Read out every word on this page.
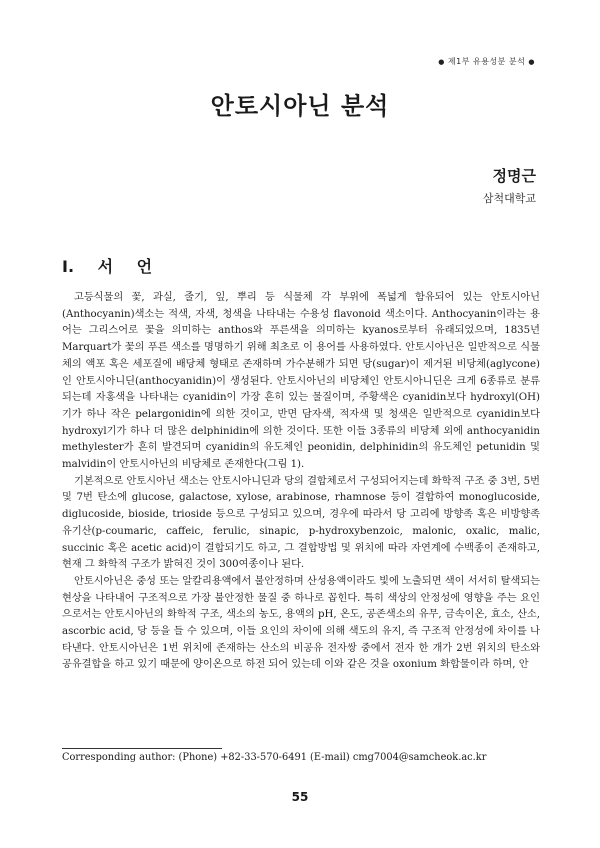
● 제1부 유용성분 분석 ●
안토시아닌 분석
정명근
삼척대학교
I. 서 언

고등식물의 꽃, 과실, 줄기, 잎, 뿌리 등 식물체 각 부위에 폭넓게 함유되어 있는 안토시아닌(Anthocyanin)색소는 적색, 자색, 청색을 나타내는 수용성 flavonoid 색소이다. Anthocyanin이라는 용어는 그리스어로 꽃을 의미하는 anthos와 푸른색을 의미하는 kyanos로부터 유래되었으며, 1835년 Marquart가 꽃의 푸른 색소를 명명하기 위해 최초로 이 용어를 사용하였다. 안토시아닌은 일반적으로 식물체의 액포 혹은 세포질에 배당체 형태로 존재하며 가수분해가 되면 당(sugar)이 제거된 비당체(aglycone)인 안토시아니딘(anthocyanidin)이 생성된다. 안토시아닌의 비당체인 안토시아니딘은 크게 6종류로 분류되는데 자홍색을 나타내는 cyanidin이 가장 흔히 있는 물질이며, 주황색은 cyanidin보다 hydroxyl(OH)기가 하나 작은 pelargonidin에 의한 것이고, 반면 담자색, 적자색 및 청색은 일반적으로 cyanidin보다 hydroxyl기가 하나 더 많은 delphinidin에 의한 것이다. 또한 이들 3종류의 비당체 외에 anthocyanidin methylester가 흔히 발견되며 cyanidin의 유도체인 peonidin, delphinidin의 유도체인 petunidin 및 malvidin이 안토시아닌의 비당체로 존재한다(그림 1).

기본적으로 안토시아닌 색소는 안토시아니딘과 당의 결합체로서 구성되어지는데 화학적 구조 중 3번, 5번 및 7번 탄소에 glucose, galactose, xylose, arabinose, rhamnose 등이 결합하여 monoglucoside, diglucoside, bioside, trioside 등으로 구성되고 있으며, 경우에 따라서 당 고리에 방향족 혹은 비방향족 유기산(p-coumaric, caffeic, ferulic, sinapic, p-hydroxybenzoic, malonic, oxalic, malic, succinic 혹은 acetic acid)이 결합되기도 하고, 그 결합방법 및 위치에 따라 자연계에 수백종이 존재하고, 현재 그 화학적 구조가 밝혀진 것이 300여종이나 된다.

안토시아닌은 중성 또는 알칼리용액에서 불안정하며 산성용액이라도 빛에 노출되면 색이 서서히 탈색되는 현상을 나타내어 구조적으로 가장 불안정한 물질 중 하나로 꼽힌다. 특히 색상의 안정성에 영향을 주는 요인으로서는 안토시아닌의 화학적 구조, 색소의 농도, 용액의 pH, 온도, 공존색소의 유무, 금속이온, 효소, 산소, ascorbic acid, 당 등을 들 수 있으며, 이들 요인의 차이에 의해 색도의 유지, 즉 구조적 안정성에 차이를 나타낸다. 안토시아닌은 1번 위치에 존재하는 산소의 비공유 전자쌍 중에서 전자 한 개가 2번 위치의 탄소와 공유결합을 하고 있기 때문에 양이온으로 하전 되어 있는데 이와 같은 것을 oxonium 화합물이라 하며, 안

Corresponding author: (Phone) +82-33-570-6491 (E-mail) cmg7004@samcheok.ac.kr
55
